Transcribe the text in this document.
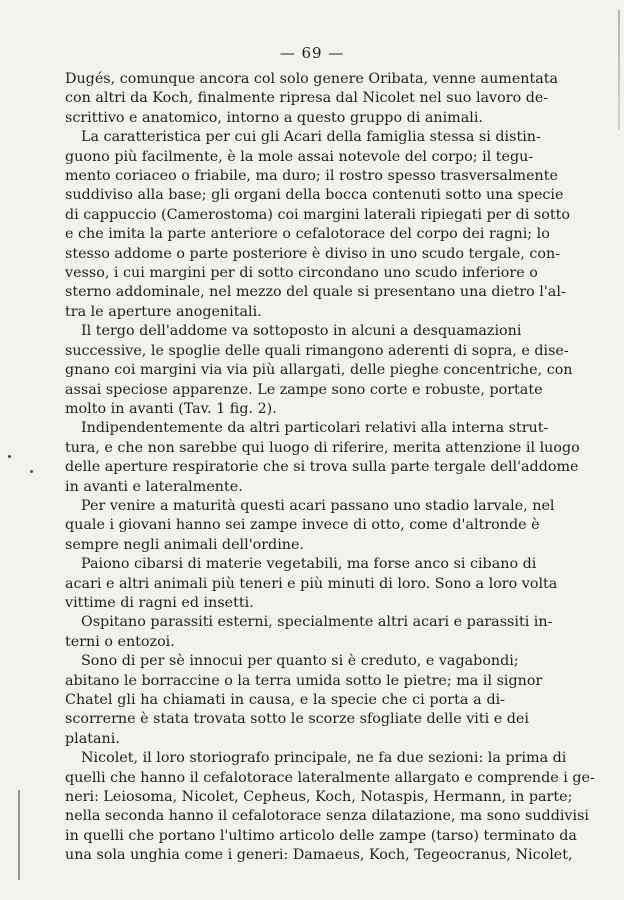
— 69 —
Dugés, comunque ancora col solo genere Oribata, venne aumentata
con altri da Koch, finalmente ripresa dal Nicolet nel suo lavoro de-
scrittivo e anatomico, intorno a questo gruppo di animali.
La caratteristica per cui gli Acari della famiglia stessa si distin-
guono più facilmente, è la mole assai notevole del corpo; il tegu-
mento coriaceo o friabile, ma duro; il rostro spesso trasversalmente
suddiviso alla base; gli organi della bocca contenuti sotto una specie
di cappuccio (Camerostoma) coi margini laterali ripiegati per di sotto
e che imita la parte anteriore o cefalotorace del corpo dei ragni; lo
stesso addome o parte posteriore è diviso in uno scudo tergale, con-
vesso, i cui margini per di sotto circondano uno scudo inferiore o
sterno addominale, nel mezzo del quale si presentano una dietro l'al-
tra le aperture anogenitali.
Il tergo dell'addome va sottoposto in alcuni a desquamazioni
successive, le spoglie delle quali rimangono aderenti di sopra, e dise-
gnano coi margini via via più allargati, delle pieghe concentriche, con
assai speciose apparenze. Le zampe sono corte e robuste, portate
molto in avanti (Tav. 1 fig. 2).
Indipendentemente da altri particolari relativi alla interna strut-
tura, e che non sarebbe qui luogo di riferire, merita attenzione il luogo
delle aperture respiratorie che si trova sulla parte tergale dell'addome
in avanti e lateralmente.
Per venire a maturità questi acari passano uno stadio larvale, nel
quale i giovani hanno sei zampe invece di otto, come d'altronde è
sempre negli animali dell'ordine.
Paiono cibarsi di materie vegetabili, ma forse anco si cibano di
acari e altri animali più teneri e più minuti di loro. Sono a loro volta
vittime di ragni ed insetti.
Ospitano parassiti esterni, specialmente altri acari e parassiti in-
terni o entozoi.
Sono di per sè innocui per quanto si è creduto, e vagabondi;
abitano le borraccine o la terra umida sotto le pietre; ma il signor
Chatel gli ha chiamati in causa, e la specie che ci porta a di-
scorrerne è stata trovata sotto le scorze sfogliate delle viti e dei
platani.
Nicolet, il loro storiografo principale, ne fa due sezioni: la prima di
quelli che hanno il cefalotorace lateralmente allargato e comprende i ge-
neri: Leiosoma, Nicolet, Cepheus, Koch, Notaspis, Hermann, in parte;
nella seconda hanno il cefalotorace senza dilatazione, ma sono suddivisi
in quelli che portano l'ultimo articolo delle zampe (tarso) terminato da
una sola unghia come i generi: Damaeus, Koch, Tegeocranus, Nicolet,
